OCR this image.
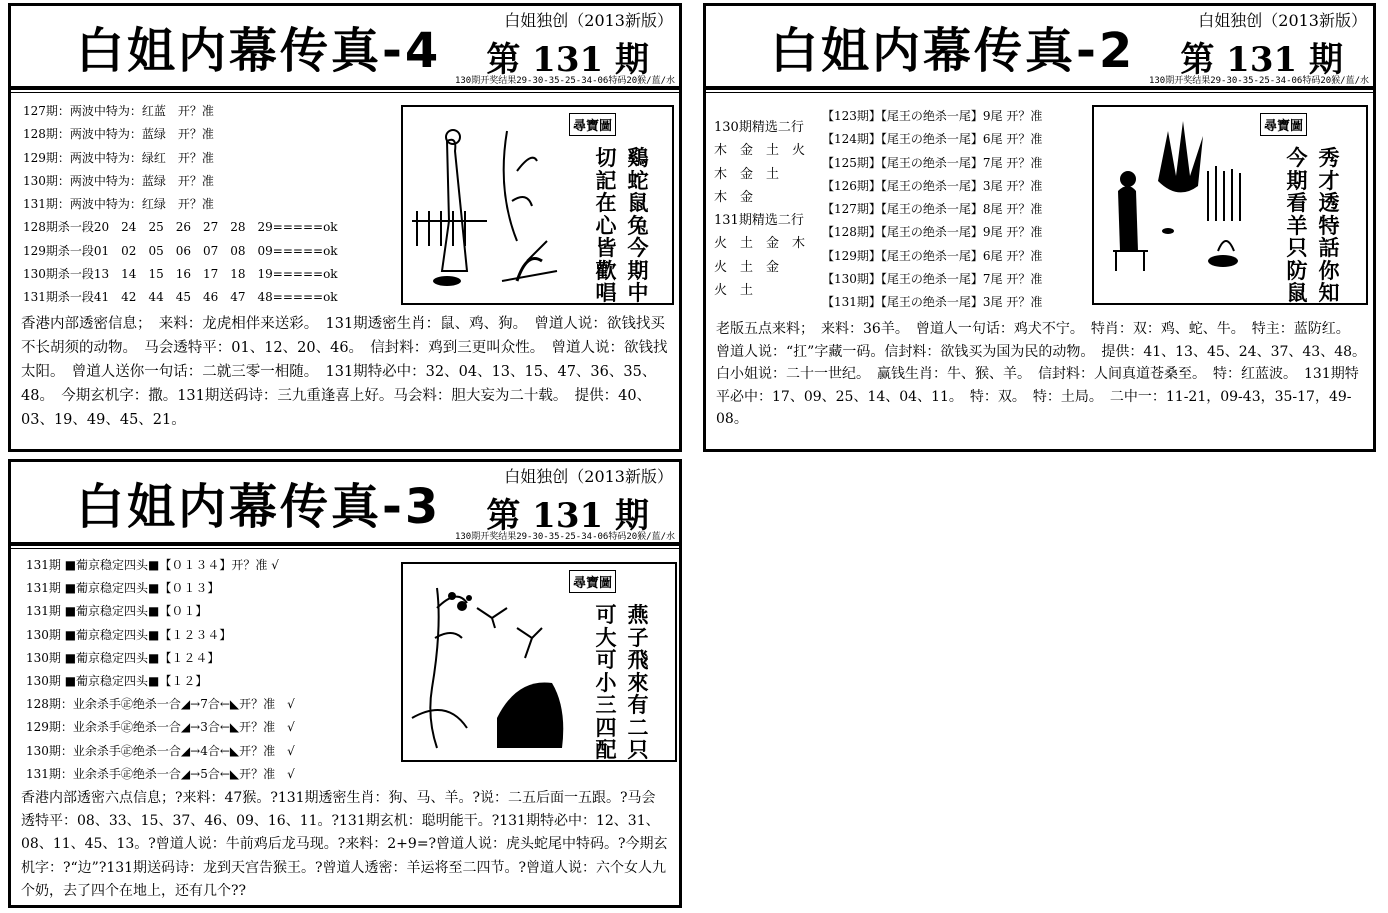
白姐内幕传真-4
白姐独创（2013新版）
第 131 期
130期开奖结果29-30-35-25-34-06特码20猴/蓝/水
127期：两波中特为：红蓝　开？准
128期：两波中特为：蓝绿　开？准
129期：两波中特为：绿红　开？准
130期：两波中特为：蓝绿　开？准
131期：两波中特为：红绿　开？准
128期杀一段20　24　25　26　27　28　29=====ok
129期杀一段01　02　05　06　07　08　09=====ok
130期杀一段13　14　15　16　17　18　19=====ok
131期杀一段41　42　44　45　46　47　48=====ok
尋寶圖
鷄蛇鼠兔今期中
切記在心皆歡唱
香港内部透密信息；　来料：龙虎相伴来送彩。　131期透密生肖：鼠、鸡、狗。　曾道人说：欲钱找买不长胡须的动物。　马会透特平：01、12、20、46。　信封料：鸡到三更叫众性。　曾道人说：欲钱找太阳。　曾道人送你一句话：二就三零一相随。　131期特必中：32、04、13、15、47、36、35、48。　今期玄机字：撒。131期送码诗：三九重逢喜上好。马会料：胆大妄为二十载。　提供：40、03、19、49、45、21。
白姐内幕传真-2
白姐独创（2013新版）
第 131 期
130期开奖结果29-30-35-25-34-06特码20猴/蓝/水
130期精选二行
木　金　土　火
木　金　土
木　金
131期精选二行
火　土　金　木
火　土　金
火　土
【123期】【尾王の绝杀一尾】9尾 开？准
【124期】【尾王の绝杀一尾】6尾 开？准
【125期】【尾王の绝杀一尾】7尾 开？准
【126期】【尾王の绝杀一尾】3尾 开？准
【127期】【尾王の绝杀一尾】8尾 开？准
【128期】【尾王の绝杀一尾】9尾 开？准
【129期】【尾王の绝杀一尾】6尾 开？准
【130期】【尾王の绝杀一尾】7尾 开？准
【131期】【尾王の绝杀一尾】3尾 开？准
尋寶圖
秀才透特話你知
今期看羊只防鼠
老版五点来料；　来料：36羊。　曾道人一句话：鸡犬不宁。　特肖：双：鸡、蛇、牛。　特主：蓝防红。　曾道人说：“扛”字藏一码。信封料：欲钱买为国为民的动物。　提供：41、13、45、24、37、43、48。　白小姐说：二十一世纪。　赢钱生肖：牛、猴、羊。　信封料：人间真道苍桑至。　特：红蓝波。　131期特平必中：17、09、25、14、04、11。　特：双。　特：土局。　二中一：11-21，09-43，35-17，49-08。
白姐内幕传真-3
白姐独创（2013新版）
第 131 期
130期开奖结果29-30-35-25-34-06特码20猴/蓝/水
131期 ■葡京稳定四头■【０１３４】开？准 √
131期 ■葡京稳定四头■【０１３】
131期 ■葡京稳定四头■【０１】
130期 ■葡京稳定四头■【１２３４】
130期 ■葡京稳定四头■【１２４】
130期 ■葡京稳定四头■【１２】
128期：业余杀手㊣绝杀一合◢→7合←◣开？准　√
129期：业余杀手㊣绝杀一合◢→3合←◣开？准　√
130期：业余杀手㊣绝杀一合◢→4合←◣开？准　√
131期：业余杀手㊣绝杀一合◢→5合←◣开？准　√
尋寶圖
燕子飛來有二只
可大可小三四配
香港内部透密六点信息；?来料：47猴。?131期透密生肖：狗、马、羊。?说：二五后面一五跟。?马会透特平：08、33、15、37、46、09、16、11。?131期玄机：聪明能干。?131期特必中：12、31、08、11、45、13。?曾道人说：牛前鸡后龙马现。?来料：2+9=?曾道人说：虎头蛇尾中特码。?今期玄机字：?“边”?131期送码诗：龙到天宫告猴王。?曾道人透密：羊运将至二四节。?曾道人说：六个女人九个奶，去了四个在地上，还有几个??
